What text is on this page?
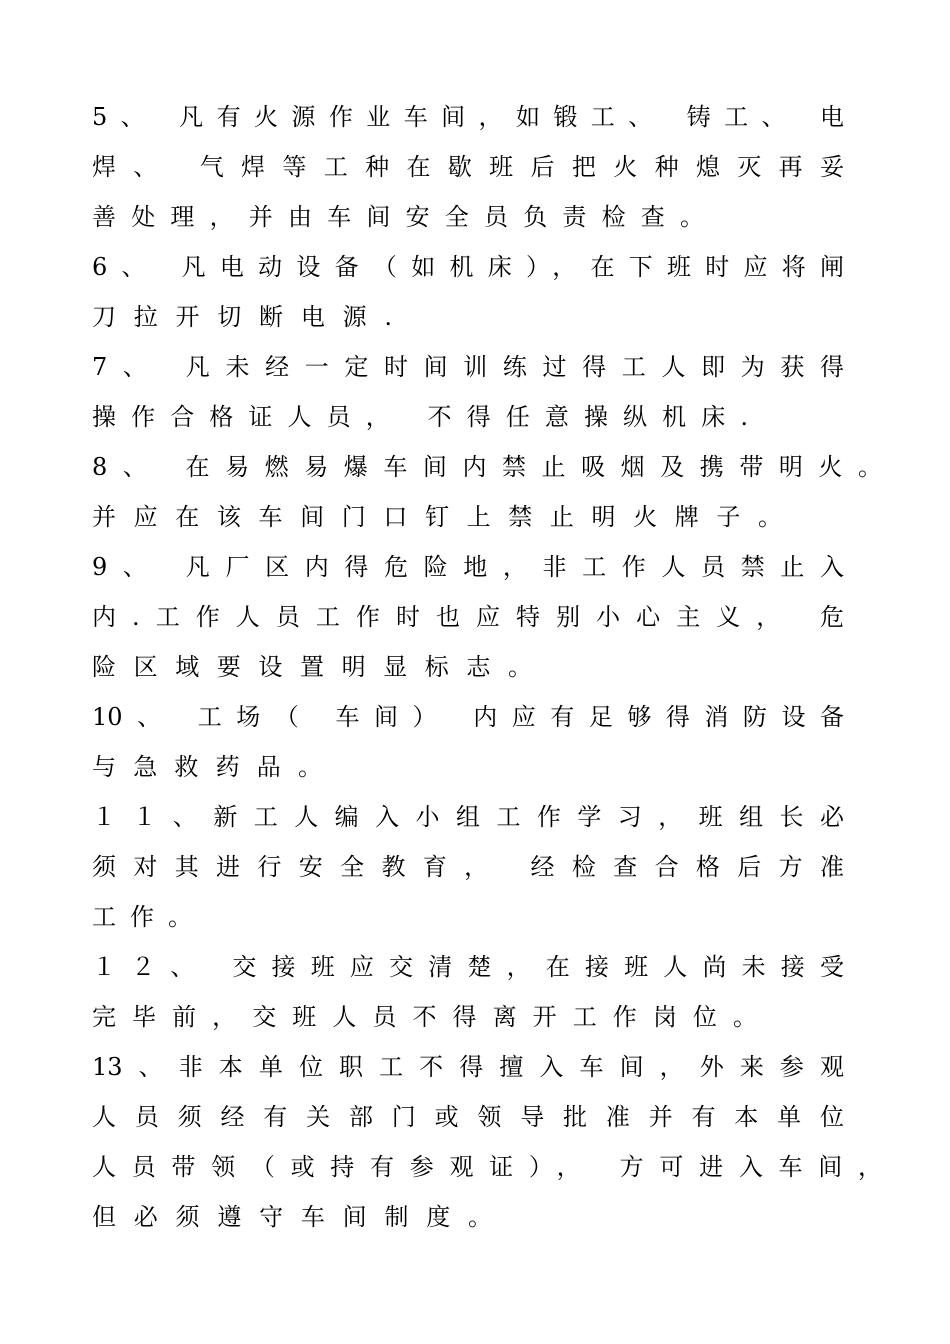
5、 凡有火源作业车间，如锻工、 铸工、 电
焊、 气焊等工种在歇班后把火种熄灭再妥
善处理，并由车间安全员负责检查。
6、 凡电动设备（如机床），在下班时应将闸
刀拉开切断电源.
7、 凡未经一定时间训练过得工人即为获得
操作合格证人员， 不得任意操纵机床.
8、 在易燃易爆车间内禁止吸烟及携带明火。
并应在该车间门口钉上禁止明火牌子。
9、 凡厂区内得危险地，非工作人员禁止入
内.工作人员工作时也应特别小心主义， 危
险区域要设置明显标志。
10、 工场（ 车间） 内应有足够得消防设备
与急救药品。
１１、新工人编入小组工作学习，班组长必
须对其进行安全教育， 经检查合格后方准
工作。
１２、 交接班应交清楚，在接班人尚未接受
完毕前，交班人员不得离开工作岗位。
13、非本单位职工不得擅入车间，外来参观
人员须经有关部门或领导批准并有本单位
人员带领（或持有参观证）， 方可进入车间，
但必须遵守车间制度。
